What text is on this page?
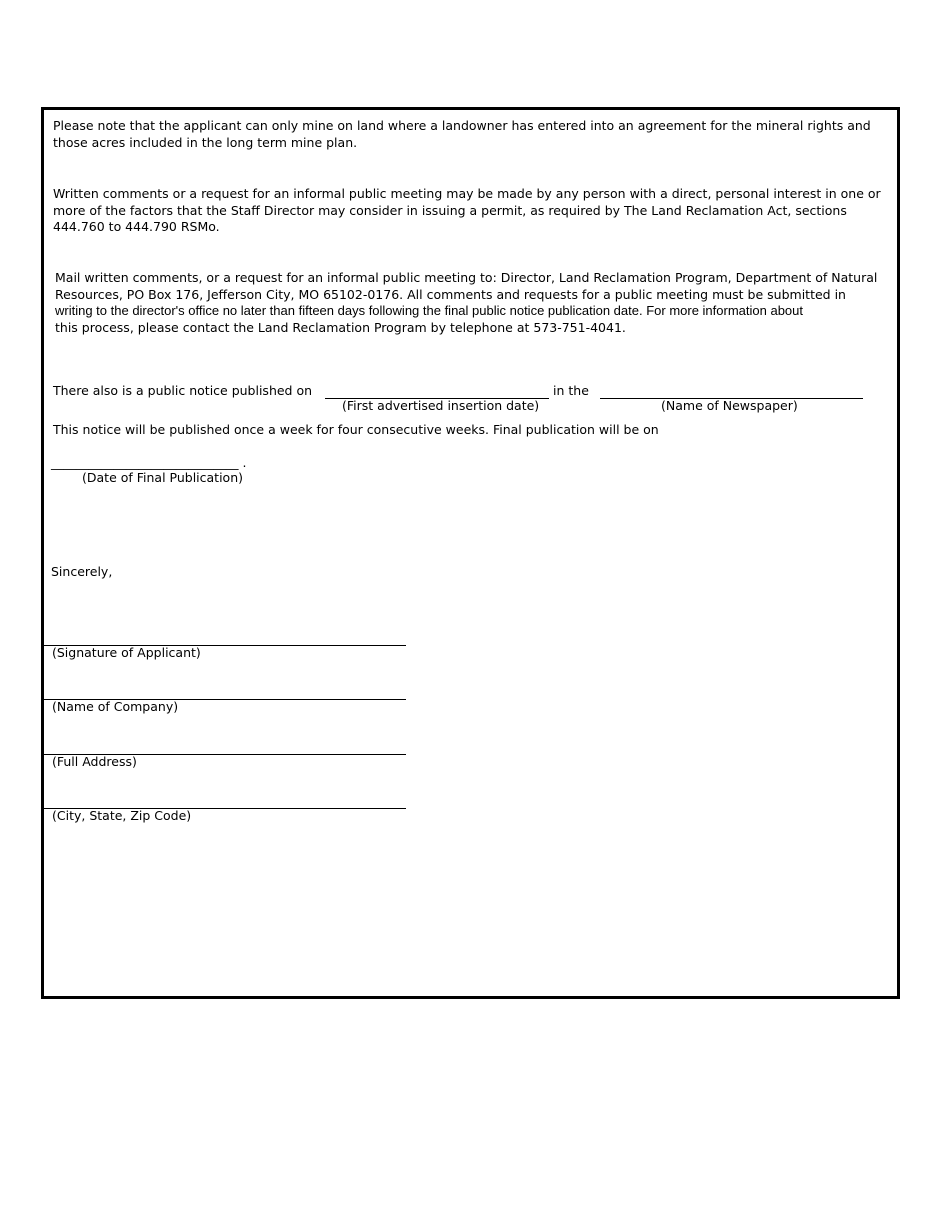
Please note that the applicant can only mine on land where a landowner has entered into an agreement for the mineral rights and
those acres included in the long term mine plan.
Written comments or a request for an informal public meeting may be made by any person with a direct, personal interest in one or
more of the factors that the Staff Director may consider in issuing a permit, as required by The Land Reclamation Act, sections
444.760 to 444.790 RSMo.
Mail written comments, or a request for an informal public meeting to: Director, Land Reclamation Program, Department of Natural
Resources, PO Box 176, Jefferson City, MO 65102-0176. All comments and requests for a public meeting must be submitted in
writing to the director's office no later than fifteen days following the final public notice publication date. For more information about
this process, please contact the Land Reclamation Program by telephone at 573-751-4041.
There also is a public notice published on	in the
(First advertised insertion date)	(Name of Newspaper)
This notice will be published once a week for four consecutive weeks. Final publication will be on
______________________________ .
(Date of Final Publication)
Sincerely,
(Signature of Applicant)
(Name of Company)
(Full Address)
(City, State, Zip Code)
